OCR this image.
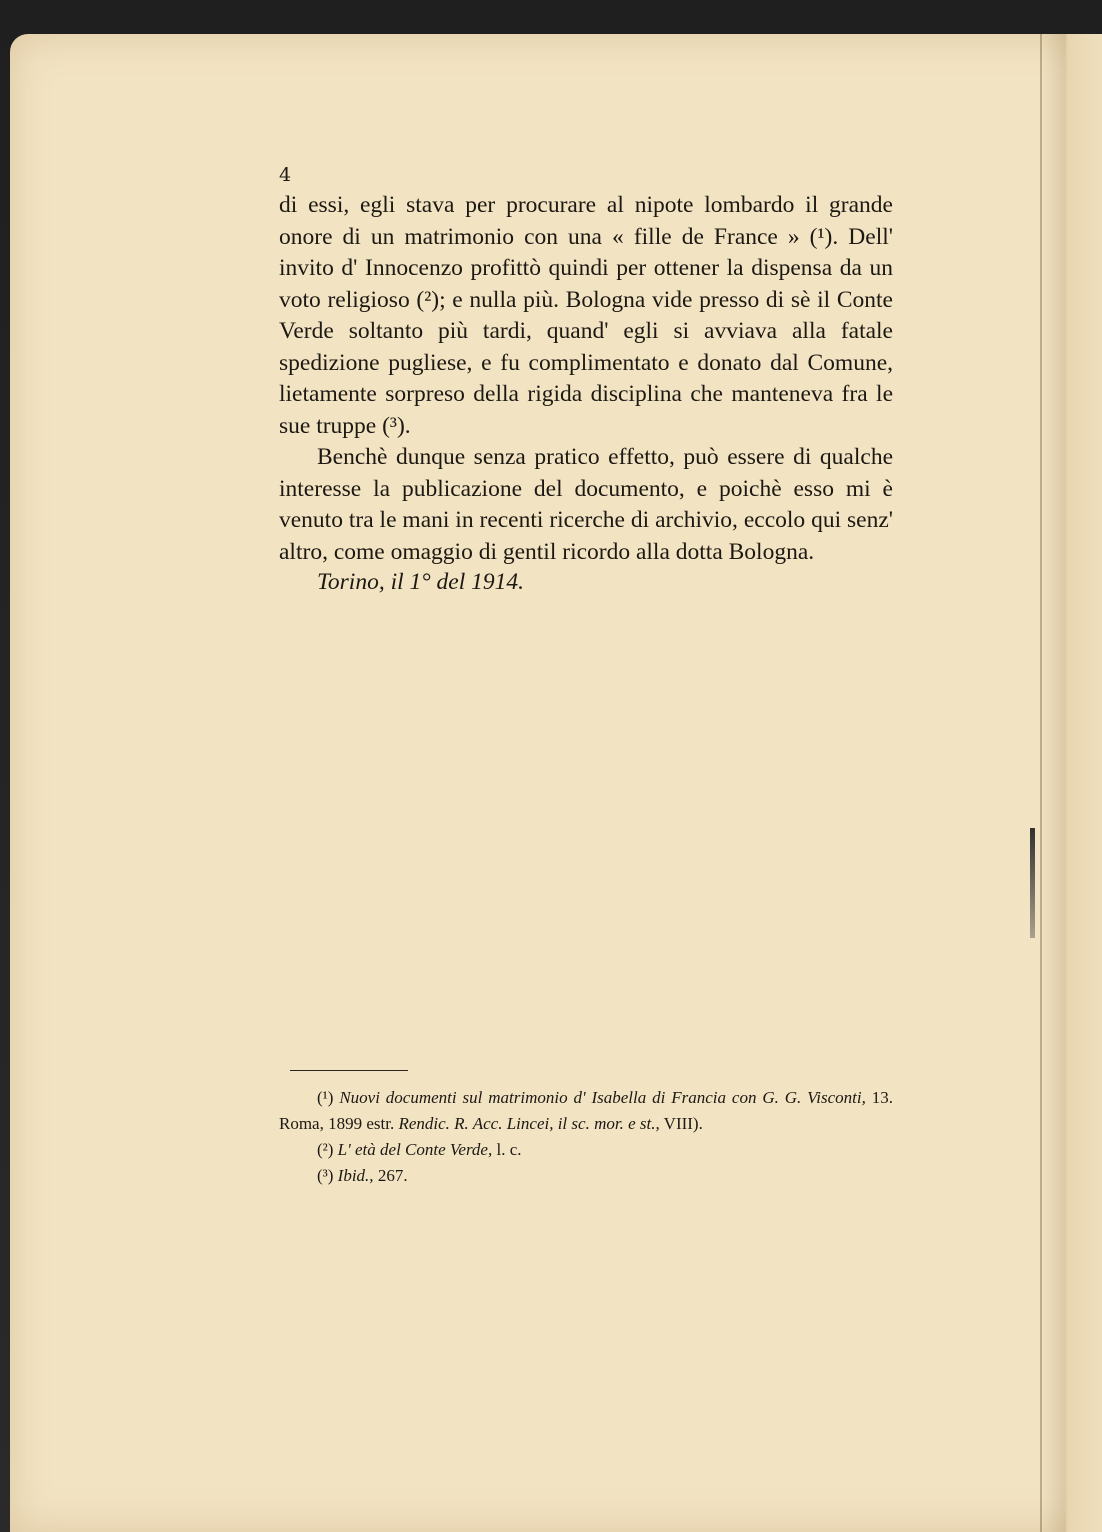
4

di essi, egli stava per procurare al nipote lombardo il grande onore di un matrimonio con una « fille de France » (¹). Dell' invito d' Innocenzo profittò quindi per ottener la dispensa da un voto religioso (²); e nulla più. Bologna vide presso di sè il Conte Verde soltanto più tardi, quand' egli si avviava alla fatale spedizione pugliese, e fu complimentato e donato dal Comune, lietamente sorpreso della rigida disciplina che manteneva fra le sue truppe (³).

Benchè dunque senza pratico effetto, può essere di qualche interesse la publicazione del documento, e poichè esso mi è venuto tra le mani in recenti ricerche di archivio, eccolo qui senz' altro, come omaggio di gentil ricordo alla dotta Bologna.

Torino, il 1° del 1914.

(¹) Nuovi documenti sul matrimonio d' Isabella di Francia con G. G. Visconti, 13. Roma, 1899 estr. Rendic. R. Acc. Lincei, il sc. mor. e st., VIII).

(²) L' età del Conte Verde, l. c.

(³) Ibid., 267.
